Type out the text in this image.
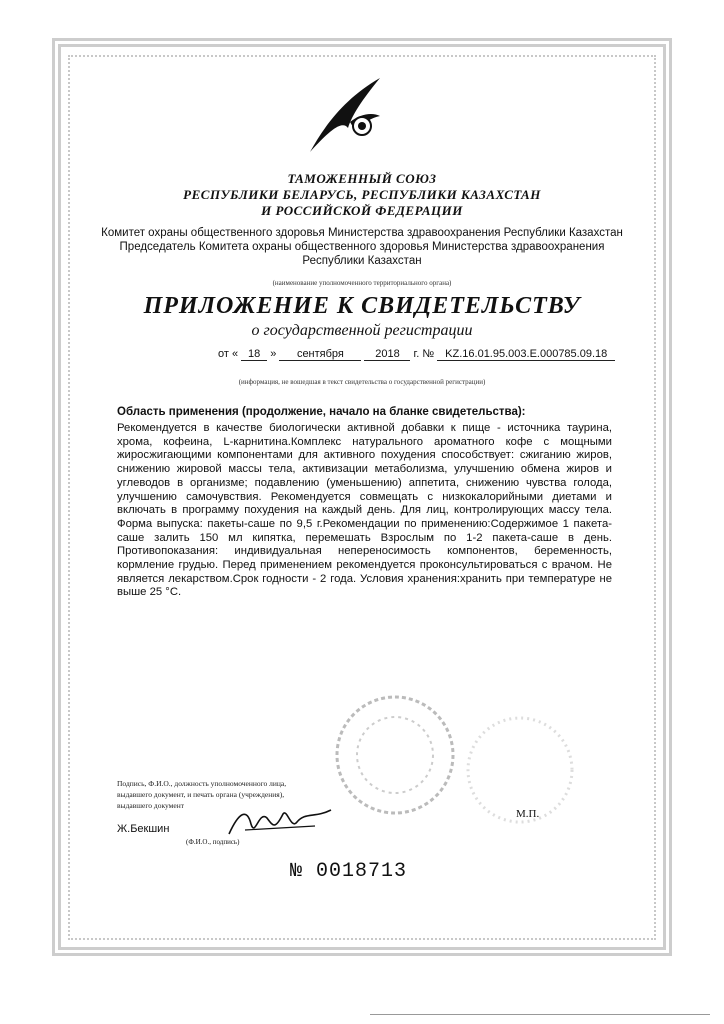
ТАМОЖЕННЫЙ СОЮЗ
РЕСПУБЛИКИ БЕЛАРУСЬ, РЕСПУБЛИКИ КАЗАХСТАН
И РОССИЙСКОЙ ФЕДЕРАЦИИ
Комитет охраны общественного здоровья Министерства здравоохранения Республики Казахстан
Председатель Комитета охраны общественного здоровья Министерства здравоохранения
Республики Казахстан
(наименование уполномоченного территориального органа)
ПРИЛОЖЕНИЕ К СВИДЕТЕЛЬСТВУ
о государственной регистрации
от « 18 » сентября	2018 г. № KZ.16.01.95.003.Е.000785.09.18
(информация, не вошедшая в текст свидетельства о государственной регистрации)
Область применения (продолжение, начало на бланке свидетельства):
Рекомендуется в качестве биологически активной добавки к пище - источника таурина, хрома, кофеина, L-карнитина.Комплекс натурального ароматного кофе с мощными жиросжигающими компонентами для активного похудения способствует: сжиганию жиров, снижению жировой массы тела, активизации метаболизма, улучшению обмена жиров и углеводов в организме; подавлению (уменьшению) аппетита, снижению чувства голода, улучшению самочувствия. Рекомендуется совмещать с низкокалорийными диетами и включать в программу похудения на каждый день. Для лиц, контролирующих массу тела. Форма выпуска: пакеты-саше по 9,5 г.Рекомендации по применению:Содержимое 1 пакета-саше залить 150 мл кипятка, перемешать Взрослым по 1-2 пакета-саше в день. Противопоказания: индивидуальная непереносимость компонентов, беременность, кормление грудью. Перед применением рекомендуется проконсультироваться с врачом. Не является лекарством.Срок годности - 2 года. Условия хранения:хранить при температуре не выше 25 °С.
Подпись, Ф.И.О., должность уполномоченного лица,
выдавшего документ, и печать органа (учреждения),
выдавшего документ
Ж.Бекшин
(Ф.И.О., подпись)
М.П.
№ 0018713
